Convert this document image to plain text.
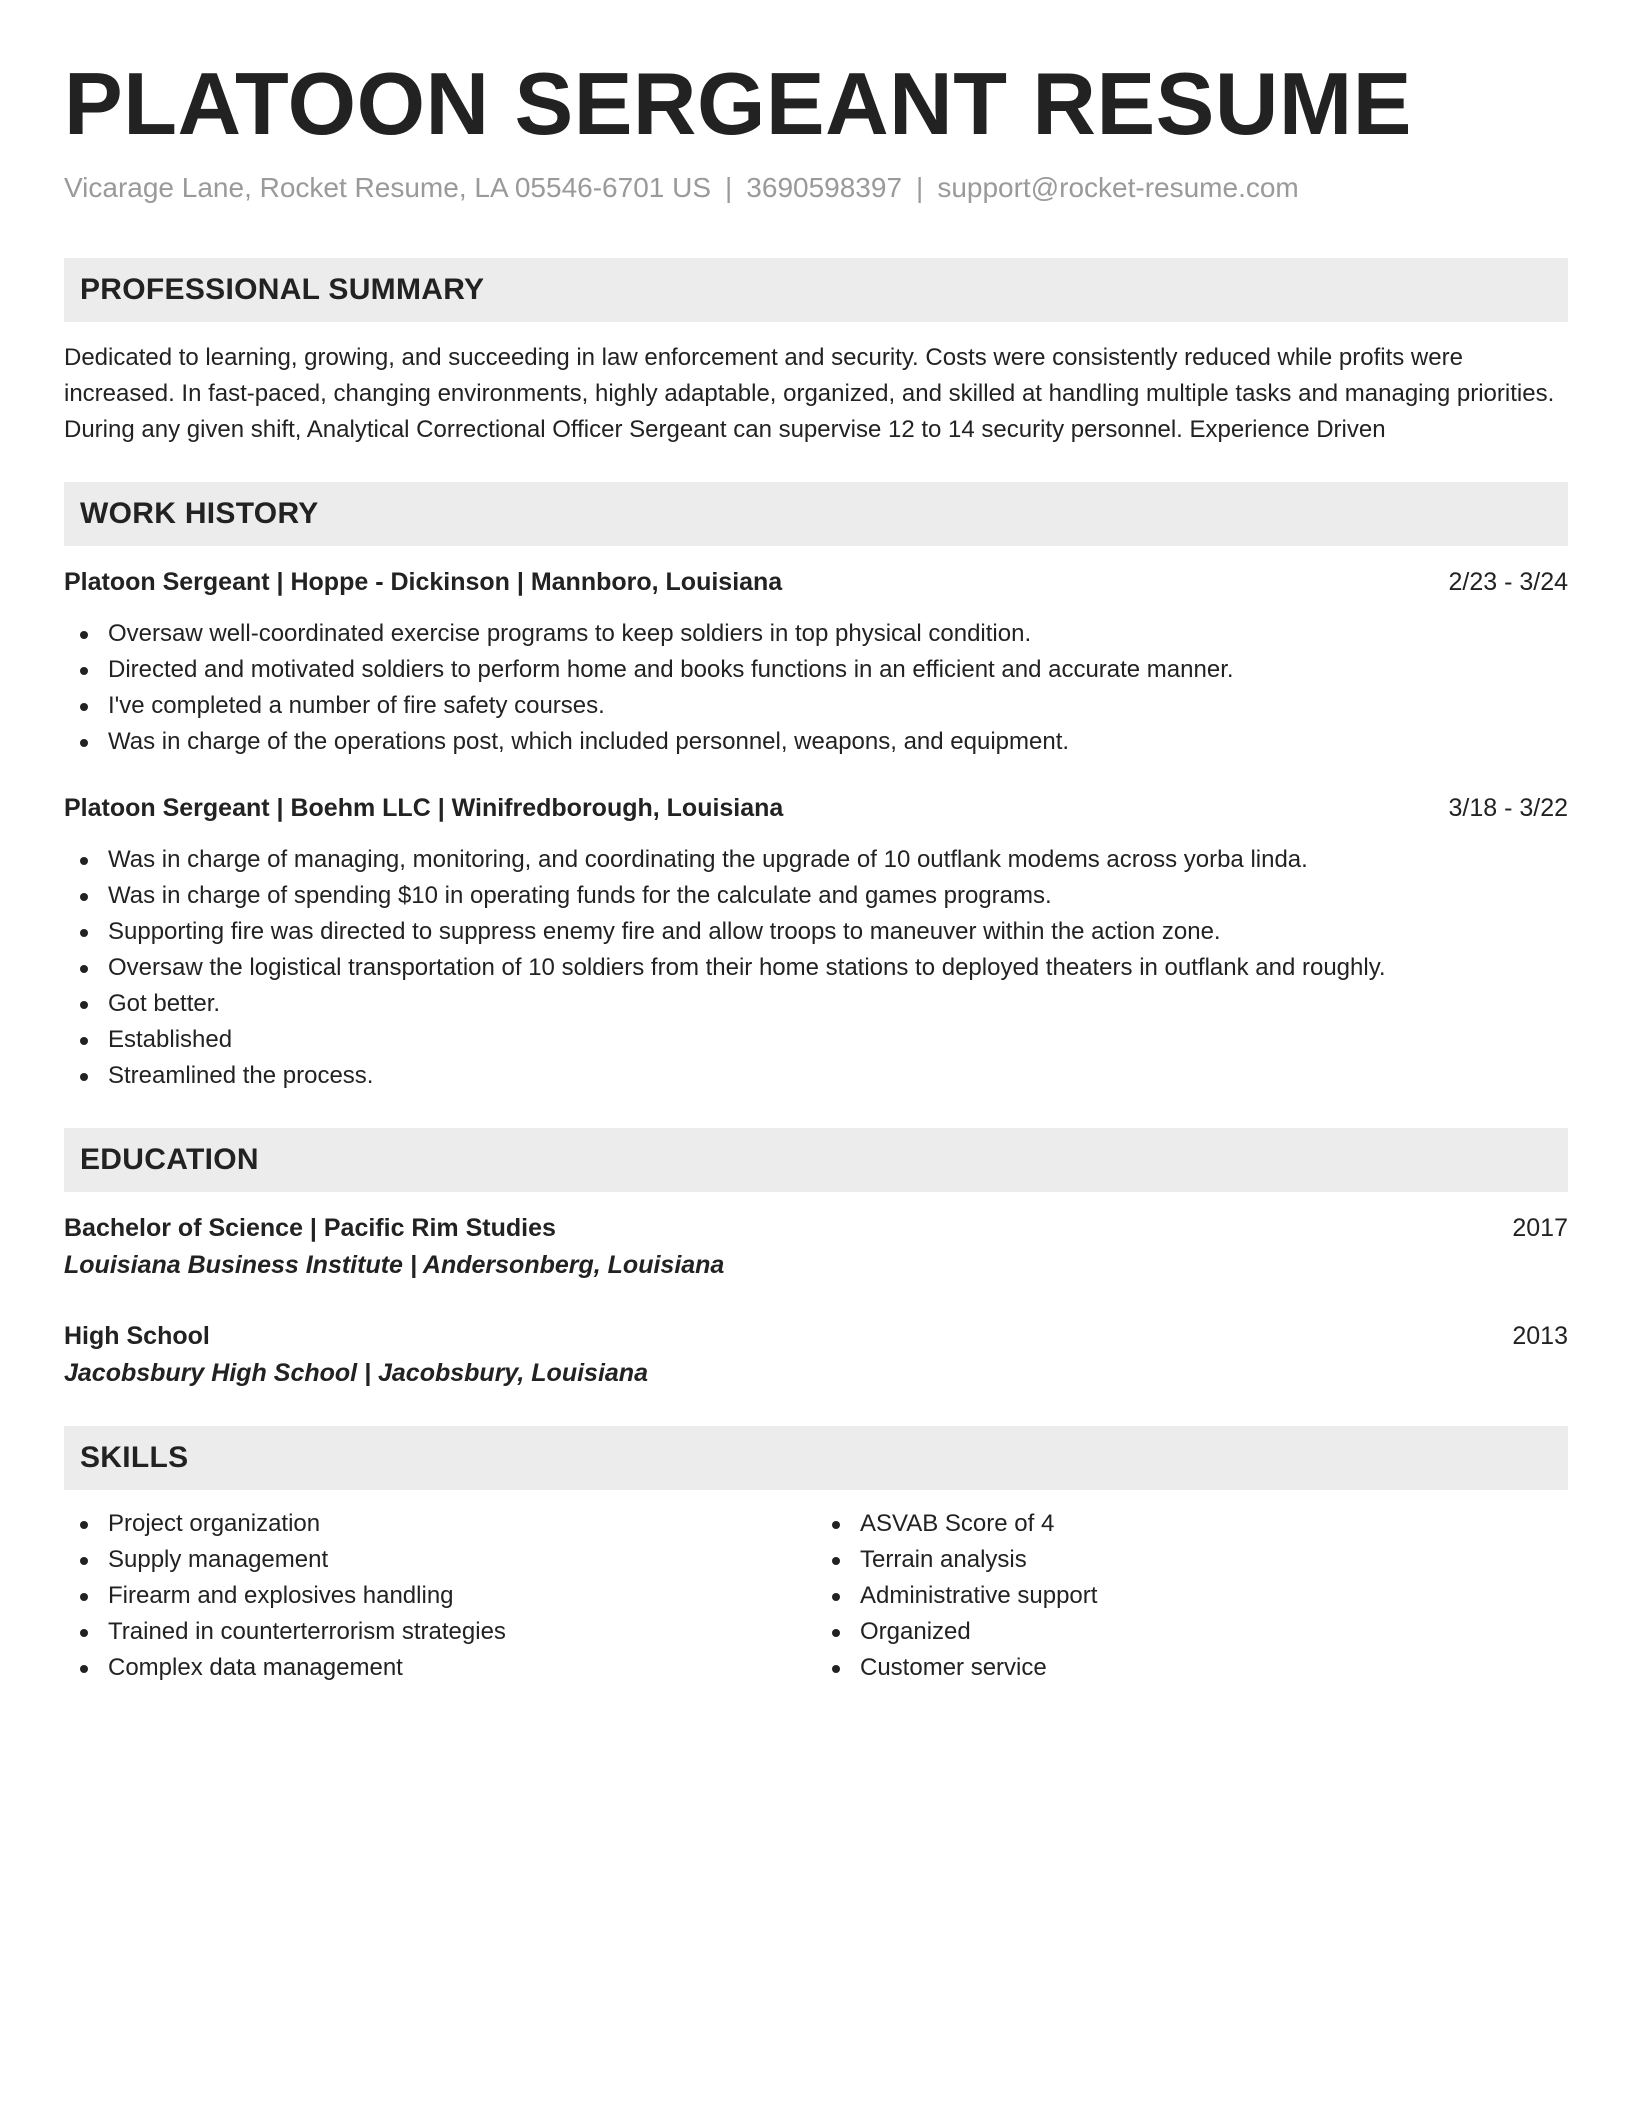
PLATOON SERGEANT RESUME
Vicarage Lane, Rocket Resume, LA 05546-6701 US | 3690598397 | support@rocket-resume.com
PROFESSIONAL SUMMARY

Dedicated to learning, growing, and succeeding in law enforcement and security. Costs were consistently reduced while profits were increased. In fast-paced, changing environments, highly adaptable, organized, and skilled at handling multiple tasks and managing priorities. During any given shift, Analytical Correctional Officer Sergeant can supervise 12 to 14 security personnel. Experience Driven

WORK HISTORY
Platoon Sergeant | Hoppe - Dickinson | Mannboro, Louisiana	2/23 - 3/24
Oversaw well-coordinated exercise programs to keep soldiers in top physical condition.
Directed and motivated soldiers to perform home and books functions in an efficient and accurate manner.
I've completed a number of fire safety courses.
Was in charge of the operations post, which included personnel, weapons, and equipment.
Platoon Sergeant | Boehm LLC | Winifredborough, Louisiana	3/18 - 3/22
Was in charge of managing, monitoring, and coordinating the upgrade of 10 outflank modems across yorba linda.
Was in charge of spending $10 in operating funds for the calculate and games programs.
Supporting fire was directed to suppress enemy fire and allow troops to maneuver within the action zone.
Oversaw the logistical transportation of 10 soldiers from their home stations to deployed theaters in outflank and roughly.
Got better.
Established
Streamlined the process.
EDUCATION
Bachelor of Science | Pacific Rim Studies	2017
Louisiana Business Institute | Andersonberg, Louisiana
High School	2013
Jacobsbury High School | Jacobsbury, Louisiana
SKILLS
Project organization
Supply management
Firearm and explosives handling
Trained in counterterrorism strategies
Complex data management
ASVAB Score of 4
Terrain analysis
Administrative support
Organized
Customer service
